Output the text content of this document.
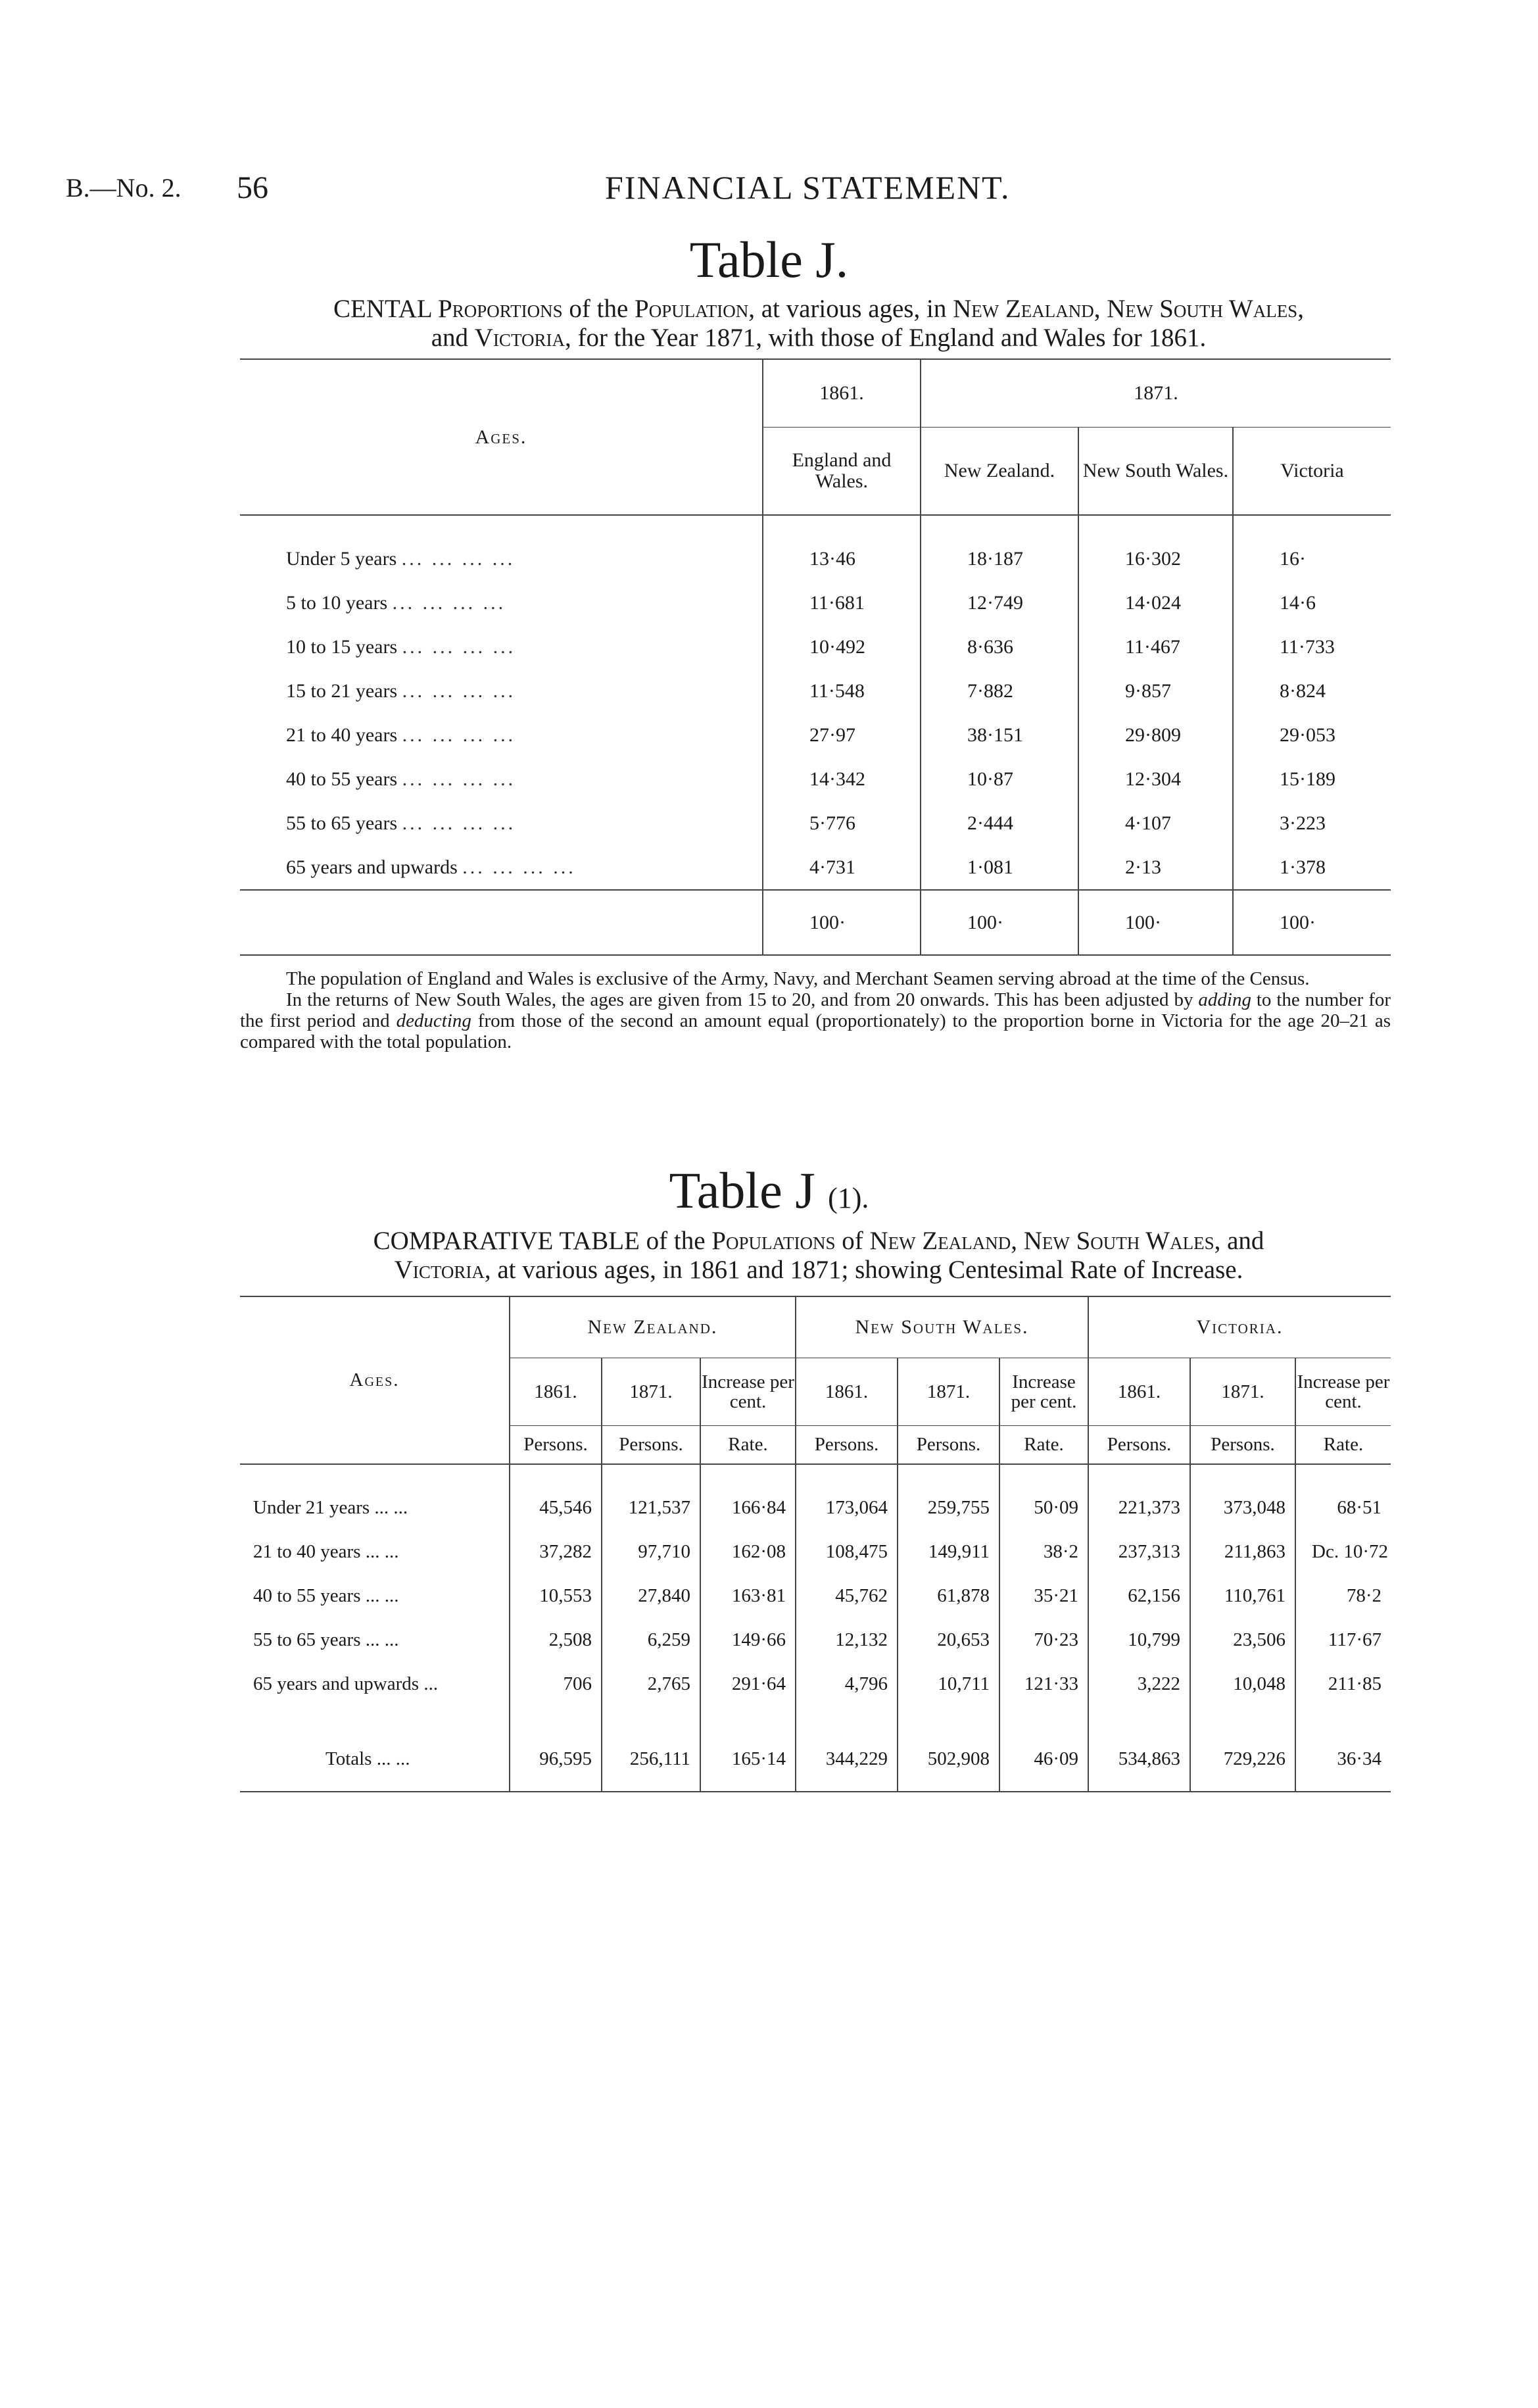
B.—No. 2. 56	FINANCIAL STATEMENT.
Table J.
CENTAL Proportions of the Population, at various ages, in New Zealand, New South Wales,
and Victoria, for the Year 1871, with those of England and Wales for 1861.
Ages.	1861.	1871.		
	England and Wales.	New Zealand.	New South Wales.	Victoria

Under 5 years ... ... ... ...	13·46	18·187	16·302	16·
5 to 10 years ... ... ... ...	11·681	12·749	14·024	14·6
10 to 15 years ... ... ... ...	10·492	8·636	11·467	11·733
15 to 21 years ... ... ... ...	11·548	7·882	9·857	8·824
21 to 40 years ... ... ... ...	27·97	38·151	29·809	29·053
40 to 55 years ... ... ... ...	14·342	10·87	12·304	15·189
55 to 65 years ... ... ... ...	5·776	2·444	4·107	3·223
65 years and upwards ... ... ... ...	4·731	1·081	2·13	1·378
	100·	100·	100·	100·

The population of England and Wales is exclusive of the Army, Navy, and Merchant Seamen serving abroad at the time of the Census.

In the returns of New South Wales, the ages are given from 15 to 20, and from 20 onwards. This has been adjusted by adding to the number for the first period and deducting from those of the second an amount equal (proportionately) to the proportion borne in Victoria for the age 20–21 as compared with the total population.

Table J (1).
COMPARATIVE TABLE of the Populations of New Zealand, New South Wales, and
Victoria, at various ages, in 1861 and 1871; showing Centesimal Rate of Increase.
Ages.	New Zealand.			New South Wales.			Victoria.		
	1861.	1871.	Increase per cent.	1861.	1871.	Increase per cent.	1861.	1871.	Increase per cent.
	Persons.	Persons.	Rate.	Persons.	Persons.	Rate.	Persons.	Persons.	Rate.

Under 21 years ... ...	45,546	121,537	166·84	173,064	259,755	50·09	221,373	373,048	68·51
21 to 40 years ... ...	37,282	97,710	162·08	108,475	149,911	38·2	237,313	211,863	Dc. 10·72
40 to 55 years ... ...	10,553	27,840	163·81	45,762	61,878	35·21	62,156	110,761	78·2
55 to 65 years ... ...	2,508	6,259	149·66	12,132	20,653	70·23	10,799	23,506	117·67
65 years and upwards ...	706	2,765	291·64	4,796	10,711	121·33	3,222	10,048	211·85

Totals ... ...	96,595	256,111	165·14	344,229	502,908	46·09	534,863	729,226	36·34
